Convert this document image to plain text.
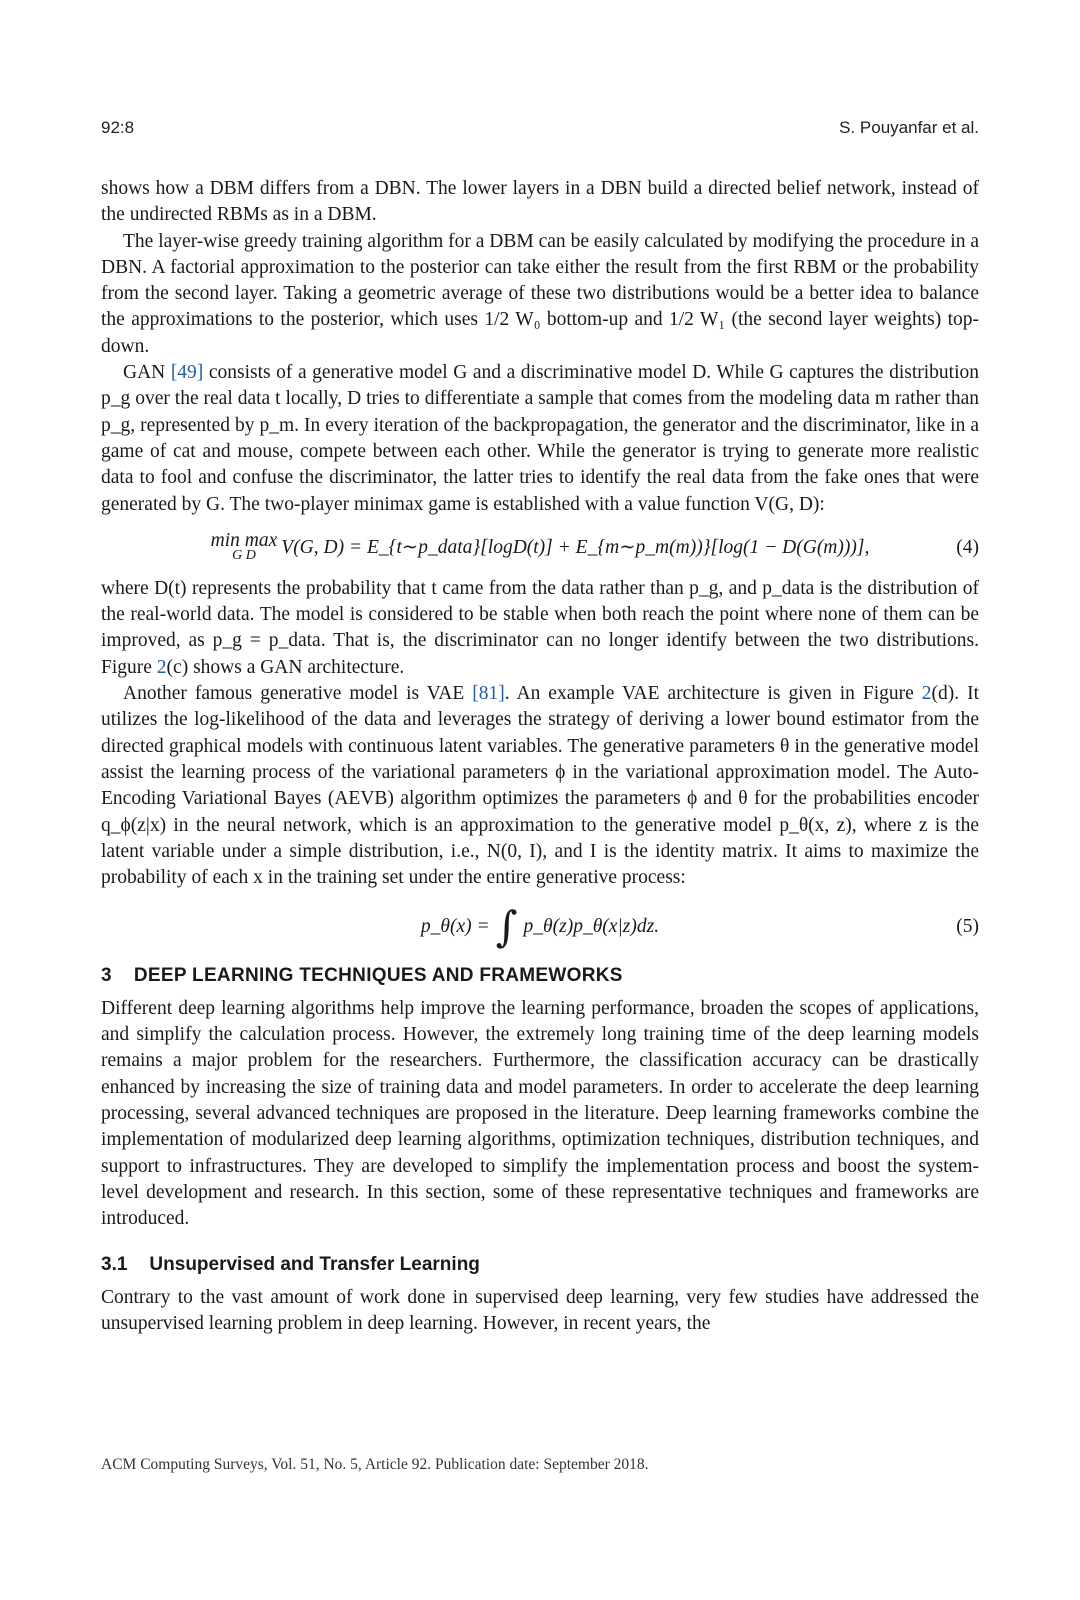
92:8	S. Pouyanfar et al.

shows how a DBM differs from a DBN. The lower layers in a DBN build a directed belief network, instead of the undirected RBMs as in a DBM.

The layer-wise greedy training algorithm for a DBM can be easily calculated by modifying the procedure in a DBN. A factorial approximation to the posterior can take either the result from the first RBM or the probability from the second layer. Taking a geometric average of these two distributions would be a better idea to balance the approximations to the posterior, which uses 1/2 W₀ bottom-up and 1/2 W₁ (the second layer weights) top-down.

GAN [49] consists of a generative model G and a discriminative model D. While G captures the distribution p_g over the real data t locally, D tries to differentiate a sample that comes from the modeling data m rather than p_g, represented by p_m. In every iteration of the backpropagation, the generator and the discriminator, like in a game of cat and mouse, compete between each other. While the generator is trying to generate more realistic data to fool and confuse the discriminator, the latter tries to identify the real data from the fake ones that were generated by G. The two-player minimax game is established with a value function V(G, D):

min max
G D V(G, D) = E_{t∼p_data}[logD(t)] + E_{m∼p_m(m))}[log(1 − D(G(m)))],	(4)

where D(t) represents the probability that t came from the data rather than p_g, and p_data is the distribution of the real-world data. The model is considered to be stable when both reach the point where none of them can be improved, as p_g = p_data. That is, the discriminator can no longer identify between the two distributions. Figure 2(c) shows a GAN architecture.

Another famous generative model is VAE [81]. An example VAE architecture is given in Figure 2(d). It utilizes the log-likelihood of the data and leverages the strategy of deriving a lower bound estimator from the directed graphical models with continuous latent variables. The generative parameters θ in the generative model assist the learning process of the variational parameters ϕ in the variational approximation model. The Auto-Encoding Variational Bayes (AEVB) algorithm optimizes the parameters ϕ and θ for the probabilities encoder q_ϕ(z|x) in the neural network, which is an approximation to the generative model p_θ(x, z), where z is the latent variable under a simple distribution, i.e., N(0, I), and I is the identity matrix. It aims to maximize the probability of each x in the training set under the entire generative process:

p_θ(x) = ∫ p_θ(z)p_θ(x|z)dz.	(5)
3 DEEP LEARNING TECHNIQUES AND FRAMEWORKS

Different deep learning algorithms help improve the learning performance, broaden the scopes of applications, and simplify the calculation process. However, the extremely long training time of the deep learning models remains a major problem for the researchers. Furthermore, the classification accuracy can be drastically enhanced by increasing the size of training data and model parameters. In order to accelerate the deep learning processing, several advanced techniques are proposed in the literature. Deep learning frameworks combine the implementation of modularized deep learning algorithms, optimization techniques, distribution techniques, and support to infrastructures. They are developed to simplify the implementation process and boost the system-level development and research. In this section, some of these representative techniques and frameworks are introduced.

3.1 Unsupervised and Transfer Learning

Contrary to the vast amount of work done in supervised deep learning, very few studies have addressed the unsupervised learning problem in deep learning. However, in recent years, the

ACM Computing Surveys, Vol. 51, No. 5, Article 92. Publication date: September 2018.
